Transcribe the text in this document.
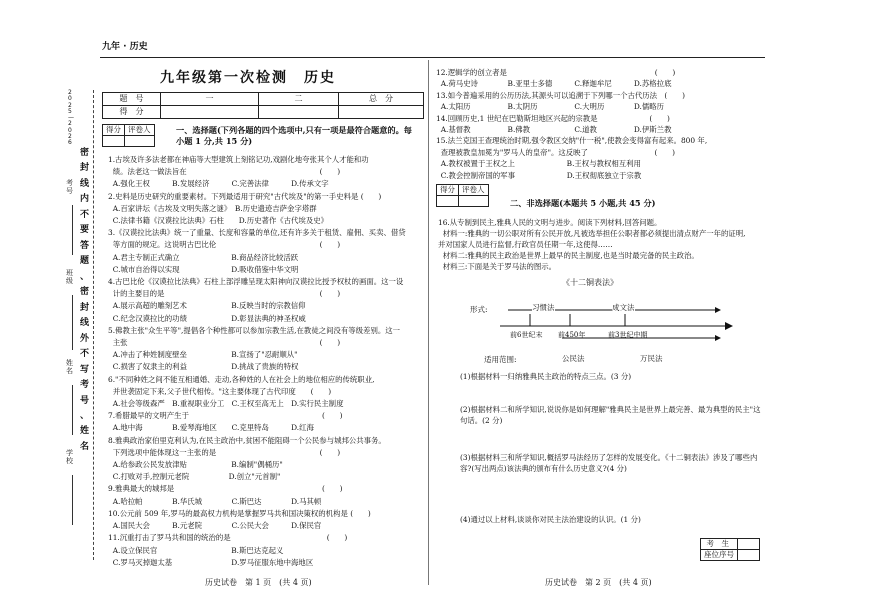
九年 · 历史
2 0 2 5 — 2 0 2 6
密
封
线
内
不
要
答
题
、
密
封
线
外
不
写
考
号
、
姓
名
考号
班级
姓名
学校
九年级第一次检测　历史
题　号	一	二	总　分
得　分			
得分	评卷人
		一、选择题(下列各题的四个选项中,只有一项是最符合题意的。每
小题 1 分,共 15 分)
1.古埃及许多法老都在神庙等大型建筑上刻铭记功,戏剧化地夸张其个人才能和功
绩。法老这一做法旨在　　　　　　　　　　　　　　　　　　(　　)
A.强化王权　　　B.发展经济　　　C.完善法律　　　D.传承文字
2.史料是历史研究的重要素材。下列最适用于研究"古代埃及"的第一手史料是 (　　)
A.百家讲坛《古埃及文明失落之谜》　B.历史遗迹吉萨金字塔群
C.法律书籍《汉谟拉比法典》石柱　　D.历史著作《古代埃及史》
3.《汉谟拉比法典》统一了重量、长度和容量的单位,还有许多关于租赁、雇佣、买卖、借贷
等方面的规定。这说明古巴比伦　　　　　　　　　　　　　　(　　)
A.君主专制正式确立　　　　　　　B.商品经济比较活跃
C.城市自治得以实现　　　　　　　D.吸收借鉴中华文明
4.古巴比伦《汉谟拉比法典》石柱上部浮雕呈现太阳神向汉谟拉比授予权杖的画面。这一设
计的主要目的是　　　　　　　　　　　　　　　　　　　　　(　　)
A.展示高超的雕刻艺术　　　　　　B.反映当时的宗教信仰
C.纪念汉谟拉比的功绩　　　　　　D.彰显法典的神圣权威
5.佛教主张"众生平等",提倡各个种性都可以参加宗教生活,在教徒之间没有等级差别。这一
主张　　　　　　　　　　　　　　　　　　　　　　　　　　(　　)
A.冲击了种姓制度壁垒　　　　　　B.宣扬了"忍耐顺从"
C.损害了奴隶主的利益　　　　　　D.挑战了贵族的特权
6."不同种姓之间不能互相通婚、走动,各种姓的人在社会上的地位相应的传统职业,
并世袭固定下来,父子世代相传。"这主要体现了古代印度　　(　　)
A.社会等级森严　B.重视职业分工　C.王权至高无上　D.实行民主制度
7.希腊最早的文明产生于　　　　　　　　　　　　　　　　　　(　　)
A.地中海　　　　B.爱琴海地区　　C.克里特岛　　　D.红海
8.雅典政治家伯里克利认为,在民主政治中,贫困不能阻碍一个公民参与城邦公共事务。
下列选项中能体现这一主张的是　　　　　　　　　　　　　　(　　)
A.给参政公民发放津贴　　　　　　B.编制"偶桶历"
C.打败对手,控制元老院　　　　　 D.创立"元首制"
9.雅典最大的城邦是　　　　　　　　　　　　　　　　　　　　(　　)
A.哈拉帕　　　　B.华氏城　　　　C.斯巴达　　　　D.马其顿
10.公元前 509 年,罗马的最高权力机构是掌握罗马共和国决策权的机构是 (　　)
A.国民大会　　　B.元老院　　　　C.公民大会　　　D.保民官
11.沉重打击了罗马共和国的统治的是　　　　　　　　　　　　　(　　)
A.设立保民官　　　　　　　　　　B.斯巴达克起义
C.罗马灭掉迦太基　　　　　　　　D.罗马征服东地中海地区
历史试卷　第 1 页　(共 4 页)
12.逻辑学的创立者是　　　　　　　　　　　　　　　　　　　　(　　)
A.荷马史诗　　　　B.亚里士多德　　　C.释迦牟尼　　　D.苏格拉底
13.如今普遍采用的公历历法,其源头可以追溯于下列哪一个古代历法　(　　)
A.太阳历　　　　　B.太阴历　　　　　C.大明历　　　　D.儒略历
14.回顾历史,1 世纪在巴勒斯坦地区兴起的宗教是　　　　　　　(　　)
A.基督教　　　　　B.佛教　　　　　　C.道教　　　　　D.伊斯兰教
15.法兰克国王查理统治时期,强令教区交纳"什一税",使教会变得富有起来。800 年,
查理被教皇加冕为"罗马人的皇帝"。这反映了　　　　　　　　　(　　)
A.教权被置于王权之上　　　　　　　B.王权与教权相互利用
C.教会控制帝国的军事　　　　　　　D.王权彻底独立于宗教
得分	评卷人

二、非选择题(本题共 5 小题,共 45 分)
16.从专制到民主,雅典人民的文明与进步。阅读下列材料,回答问题。
材料一:雅典的一切公职对所有公民开放,凡被选举担任公职者都必须提出清点财产一年的证明,
并对国家人员进行监督,行政官员任期一年,这使得……
材料二:雅典的民主政治是世界上最早的民主制度,也是当时最完备的民主政治。
材料三:下面是关于罗马法的图示。
《十二铜表法》
形式:	习惯法	成文法
前6世纪末 前450年	前3世纪中期
适用范围:	公民法	万民法
(1)根据材料一归纳雅典民主政治的特点三点。(3 分)
(2)根据材料二和所学知识,说说你是如何理解"雅典民主是世界上最完善、最为典型的民主"这句话。(2 分)
(3)根据材料三和所学知识,概括罗马法经历了怎样的发展变化。《十二铜表法》涉及了哪些内容?(写出两点)该法典的颁布有什么历史意义?(4 分)
(4)通过以上材料,谈谈你对民主法治建设的认识。(1 分)
考　生	
座位序号	
历史试卷　第 2 页　(共 4 页)
